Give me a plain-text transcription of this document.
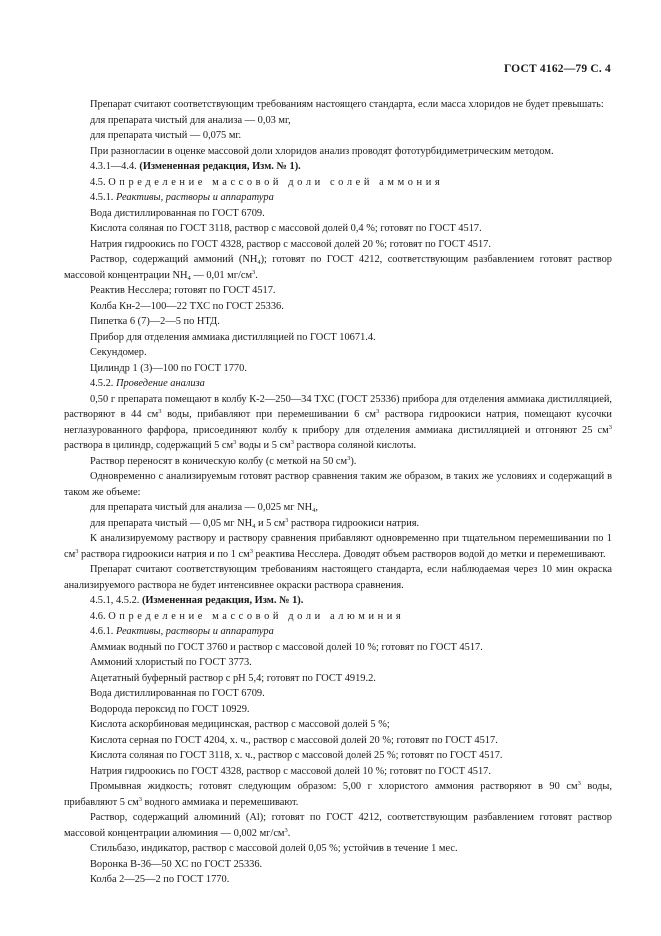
ГОСТ 4162—79 С. 4

Препарат считают соответствующим требованиям настоящего стандарта, если масса хлоридов не будет превышать:

для препарата чистый для анализа — 0,03 мг,

для препарата чистый — 0,075 мг.

При разногласии в оценке массовой доли хлоридов анализ проводят фототурбидиметрическим методом.

4.3.1—4.4. (Измененная редакция, Изм. № 1).

4.5. Определение массовой доли солей аммония

4.5.1. Реактивы, растворы и аппаратура

Вода дистиллированная по ГОСТ 6709.

Кислота соляная по ГОСТ 3118, раствор с массовой долей 0,4 %; готовят по ГОСТ 4517.

Натрия гидроокись по ГОСТ 4328, раствор с массовой долей 20 %; готовят по ГОСТ 4517.

Раствор, содержащий аммоний $(NH_4)$; готовят по ГОСТ 4212, соответствующим разбавлением готовят раствор массовой концентрации $NH_4$ — 0,01 $мг/см^3$.

Реактив Несслера; готовят по ГОСТ 4517.

Колба Кн-2—100—22 ТХС по ГОСТ 25336.

Пипетка 6 (7)—2—5 по НТД.

Прибор для отделения аммиака дистилляцией по ГОСТ 10671.4.

Секундомер.

Цилиндр 1 (3)—100 по ГОСТ 1770.

4.5.2. Проведение анализа

0,50 г препарата помещают в колбу К-2—250—34 ТХС (ГОСТ 25336) прибора для отделения аммиака дистилляцией, растворяют в 44 $см^3$ воды, прибавляют при перемешивании 6 $см^3$ раствора гидроокиси натрия, помещают кусочки неглазурованного фарфора, присоединяют колбу к прибору для отделения аммиака дистилляцией и отгоняют 25 $см^3$ раствора в цилиндр, содержащий 5 $см^3$ воды и 5 $см^3$ раствора соляной кислоты.

Раствор переносят в коническую колбу (с меткой на 50 $см^3$).

Одновременно с анализируемым готовят раствор сравнения таким же образом, в таких же условиях и содержащий в таком же объеме:

для препарата чистый для анализа — 0,025 мг $NH_4$,

для препарата чистый — 0,05 мг $NH_4$ и 5 $см^3$ раствора гидроокиси натрия.

К анализируемому раствору и раствору сравнения прибавляют одновременно при тщательном перемешивании по 1 $см^3$ раствора гидроокиси натрия и по 1 $см^3$ реактива Несслера. Доводят объем растворов водой до метки и перемешивают.

Препарат считают соответствующим требованиям настоящего стандарта, если наблюдаемая через 10 мин окраска анализируемого раствора не будет интенсивнее окраски раствора сравнения.

4.5.1, 4.5.2. (Измененная редакция, Изм. № 1).

4.6. Определение массовой доли алюминия

4.6.1. Реактивы, растворы и аппаратура

Аммиак водный по ГОСТ 3760 и раствор с массовой долей 10 %; готовят по ГОСТ 4517.

Аммоний хлористый по ГОСТ 3773.

Ацетатный буферный раствор с рН 5,4; готовят по ГОСТ 4919.2.

Вода дистиллированная по ГОСТ 6709.

Водорода пероксид по ГОСТ 10929.

Кислота аскорбиновая медицинская, раствор с массовой долей 5 %;

Кислота серная по ГОСТ 4204, х. ч., раствор с массовой долей 20 %; готовят по ГОСТ 4517.

Кислота соляная по ГОСТ 3118, х. ч., раствор с массовой долей 25 %; готовят по ГОСТ 4517.

Натрия гидроокись по ГОСТ 4328, раствор с массовой долей 10 %; готовят по ГОСТ 4517.

Промывная жидкость; готовят следующим образом: 5,00 г хлористого аммония растворяют в 90 $см^3$ воды, прибавляют 5 $см^3$ водного аммиака и перемешивают.

Раствор, содержащий алюминий (Al); готовят по ГОСТ 4212, соответствующим разбавлением готовят раствор массовой концентрации алюминия — 0,002 $мг/см^3$.

Стильбазо, индикатор, раствор с массовой долей 0,05 %; устойчив в течение 1 мес.

Воронка В-36—50 ХС по ГОСТ 25336.

Колба 2—25—2 по ГОСТ 1770.
